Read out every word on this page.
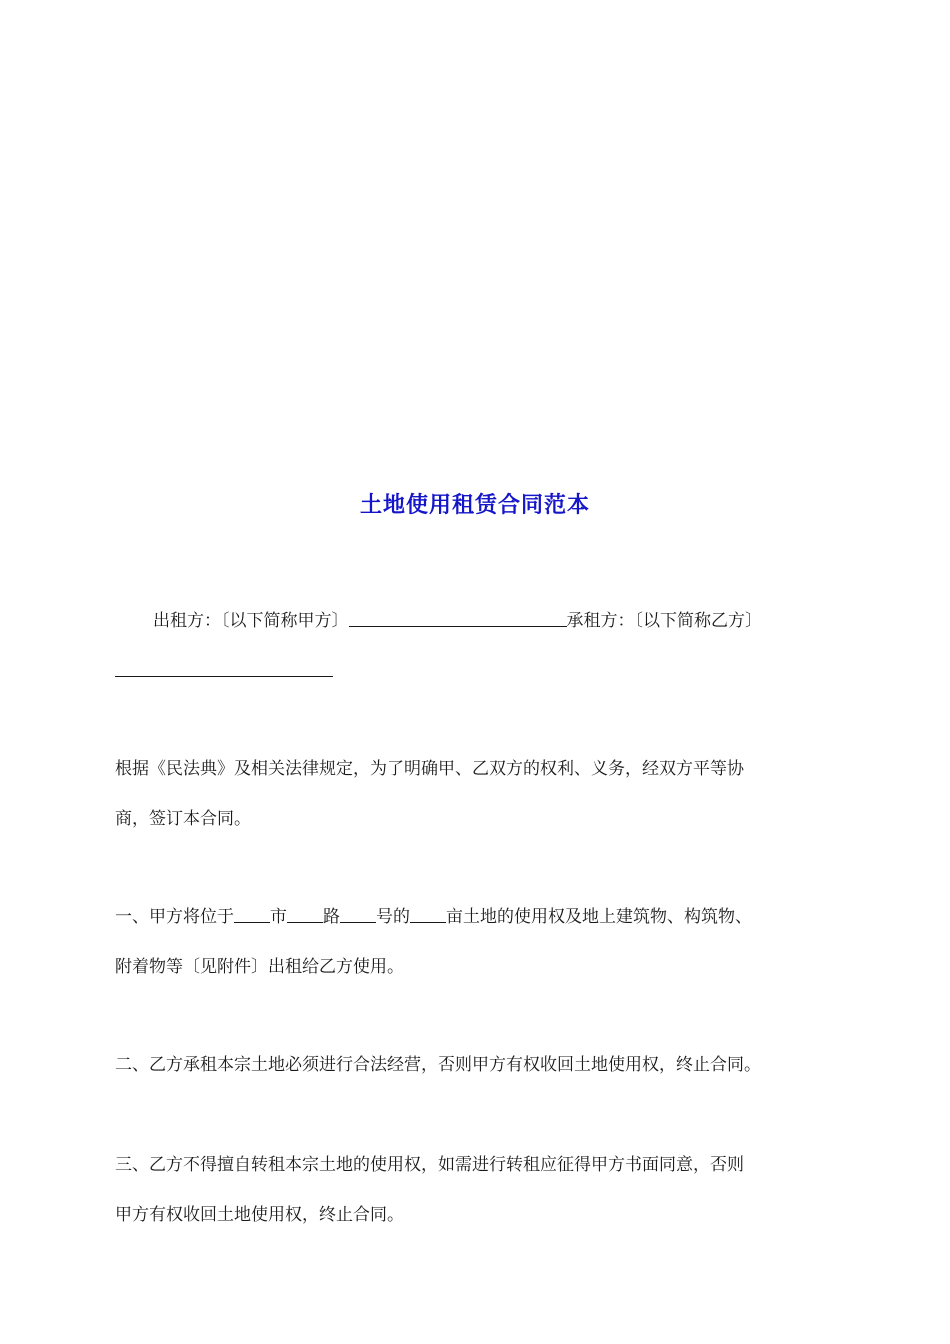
土地使用租赁合同范本
出租方：〔以下简称甲方〕	承租方：〔以下简称乙方〕
根据《民法典》及相关法律规定，为了明确甲、乙双方的权利、义务，经双方平等协
商，签订本合同。
一、甲方将位于 市 路 号的 亩土地的使用权及地上建筑物、构筑物、
附着物等〔见附件〕出租给乙方使用。
二、乙方承租本宗土地必须进行合法经营，否则甲方有权收回土地使用权，终止合同。
三、乙方不得擅自转租本宗土地的使用权，如需进行转租应征得甲方书面同意，否则
甲方有权收回土地使用权，终止合同。
